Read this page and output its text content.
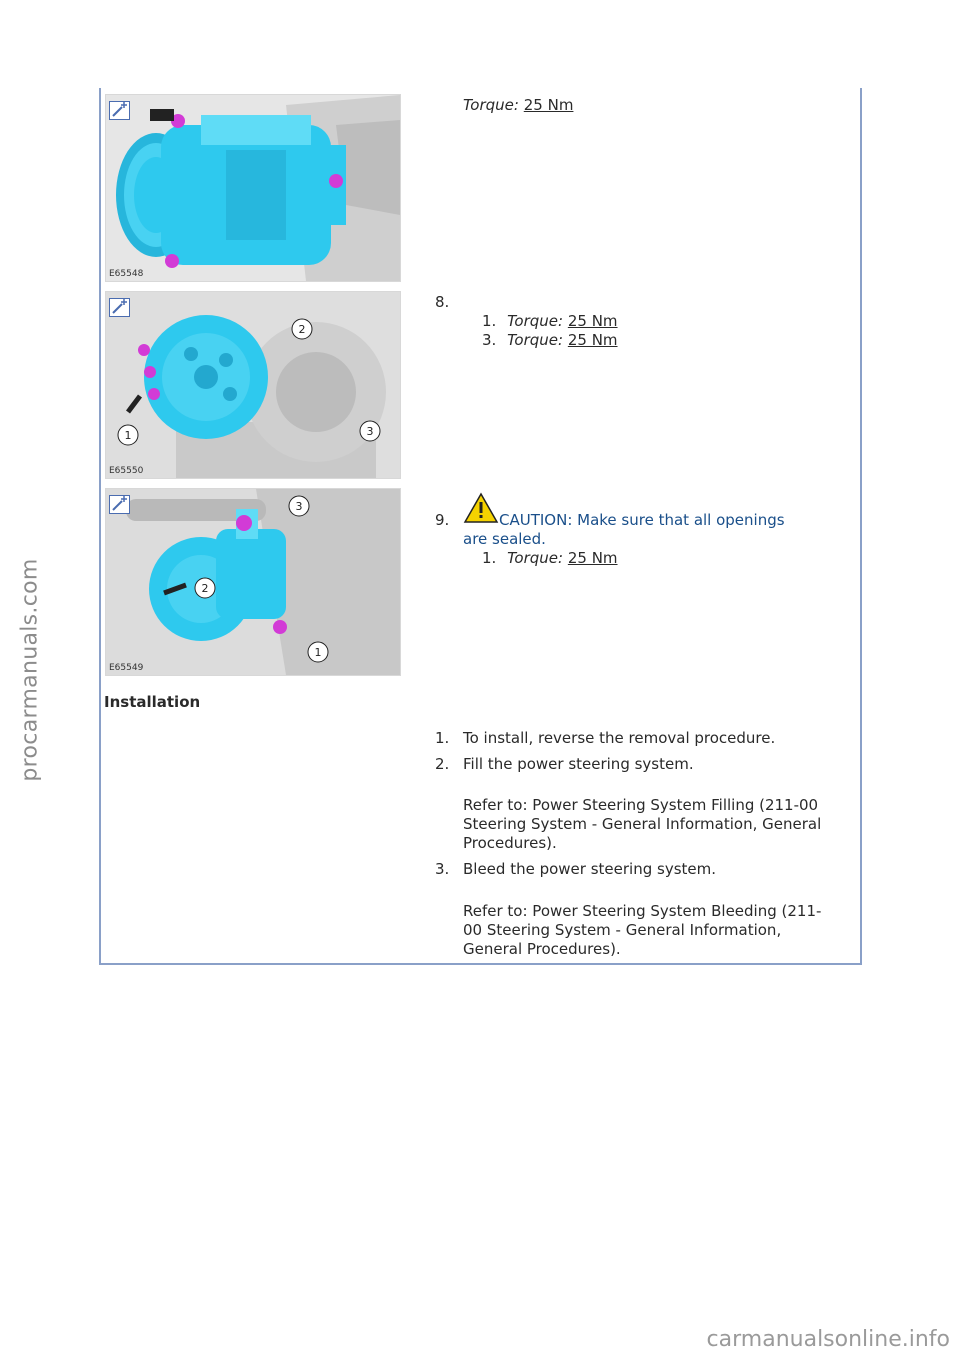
procarmanuals.com
E65548
Torque: 25 Nm
1
2
3
E65550
8.
1. Torque: 25 Nm
3. Torque: 25 Nm
1
2
3
E65549
9.	CAUTION: Make sure that all openings
are sealed.
1. Torque: 25 Nm
Installation
1. To install, reverse the removal procedure.
2. Fill the power steering system.
Refer to: Power Steering System Filling (211-00
Steering System - General Information, General
Procedures).
3. Bleed the power steering system.
Refer to: Power Steering System Bleeding (211-
00 Steering System - General Information,
General Procedures).
carmanualsonline.info
